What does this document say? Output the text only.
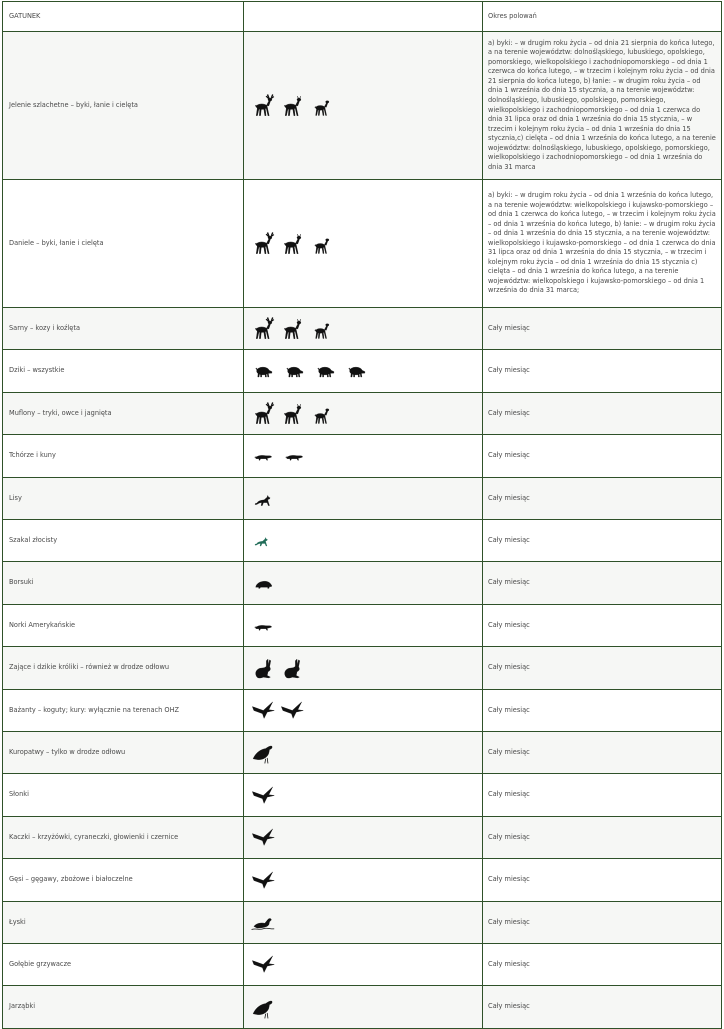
GATUNEK		Okres polowań
Jelenie szlachetne – byki, łanie i cielęta		a) byki: – w drugim roku życia – od dnia 21 sierpnia do końca lutego, a na terenie województw: dolnośląskiego, lubuskiego, opolskiego, pomorskiego, wielkopolskiego i zachodniopomorskiego – od dnia 1 czerwca do końca lutego, – w trzecim i kolejnym roku życia – od dnia 21 sierpnia do końca lutego, b) łanie: – w drugim roku życia – od dnia 1 września do dnia 15 stycznia, a na terenie województw: dolnośląskiego, lubuskiego, opolskiego, pomorskiego, wielkopolskiego i zachodniopomorskiego – od dnia 1 czerwca do dnia 31 lipca oraz od dnia 1 września do dnia 15 stycznia, – w trzecim i kolejnym roku życia – od dnia 1 września do dnia 15 stycznia,c) cielęta – od dnia 1 września do końca lutego, a na terenie województw: dolnośląskiego, lubuskiego, opolskiego, pomorskiego, wielkopolskiego i zachodniopomorskiego – od dnia 1 września do dnia 31 marca
Daniele – byki, łanie i cielęta		a) byki: – w drugim roku życia – od dnia 1 września do końca lutego, a na terenie województw: wielkopolskiego i kujawsko-pomorskiego – od dnia 1 czerwca do końca lutego, – w trzecim i kolejnym roku życia – od dnia 1 września do końca lutego, b) łanie: – w drugim roku życia – od dnia 1 września do dnia 15 stycznia, a na terenie województw: wielkopolskiego i kujawsko-pomorskiego – od dnia 1 czerwca do dnia 31 lipca oraz od dnia 1 września do dnia 15 stycznia, – w trzecim i kolejnym roku życia – od dnia 1 września do dnia 15 stycznia c) cielęta – od dnia 1 września do końca lutego, a na terenie województw: wielkopolskiego i kujawsko-pomorskiego – od dnia 1 września do dnia 31 marca;
Sarny – kozy i koźlęta		Cały miesiąc
Dziki – wszystkie		Cały miesiąc
Muflony – tryki, owce i jagnięta		Cały miesiąc
Tchórze i kuny		Cały miesiąc
Lisy		Cały miesiąc
Szakal złocisty		Cały miesiąc
Borsuki		Cały miesiąc
Norki Amerykańskie		Cały miesiąc
Zające i dzikie króliki – również w drodze odłowu		Cały miesiąc
Bażanty – koguty; kury: wyłącznie na terenach OHZ		Cały miesiąc
Kuropatwy – tylko w drodze odłowu		Cały miesiąc
Słonki		Cały miesiąc
Kaczki – krzyżówki, cyraneczki, głowienki i czernice		Cały miesiąc
Gęsi – gęgawy, zbożowe i białoczelne		Cały miesiąc
Łyski		Cały miesiąc
Gołębie grzywacze		Cały miesiąc
Jarząbki		Cały miesiąc
